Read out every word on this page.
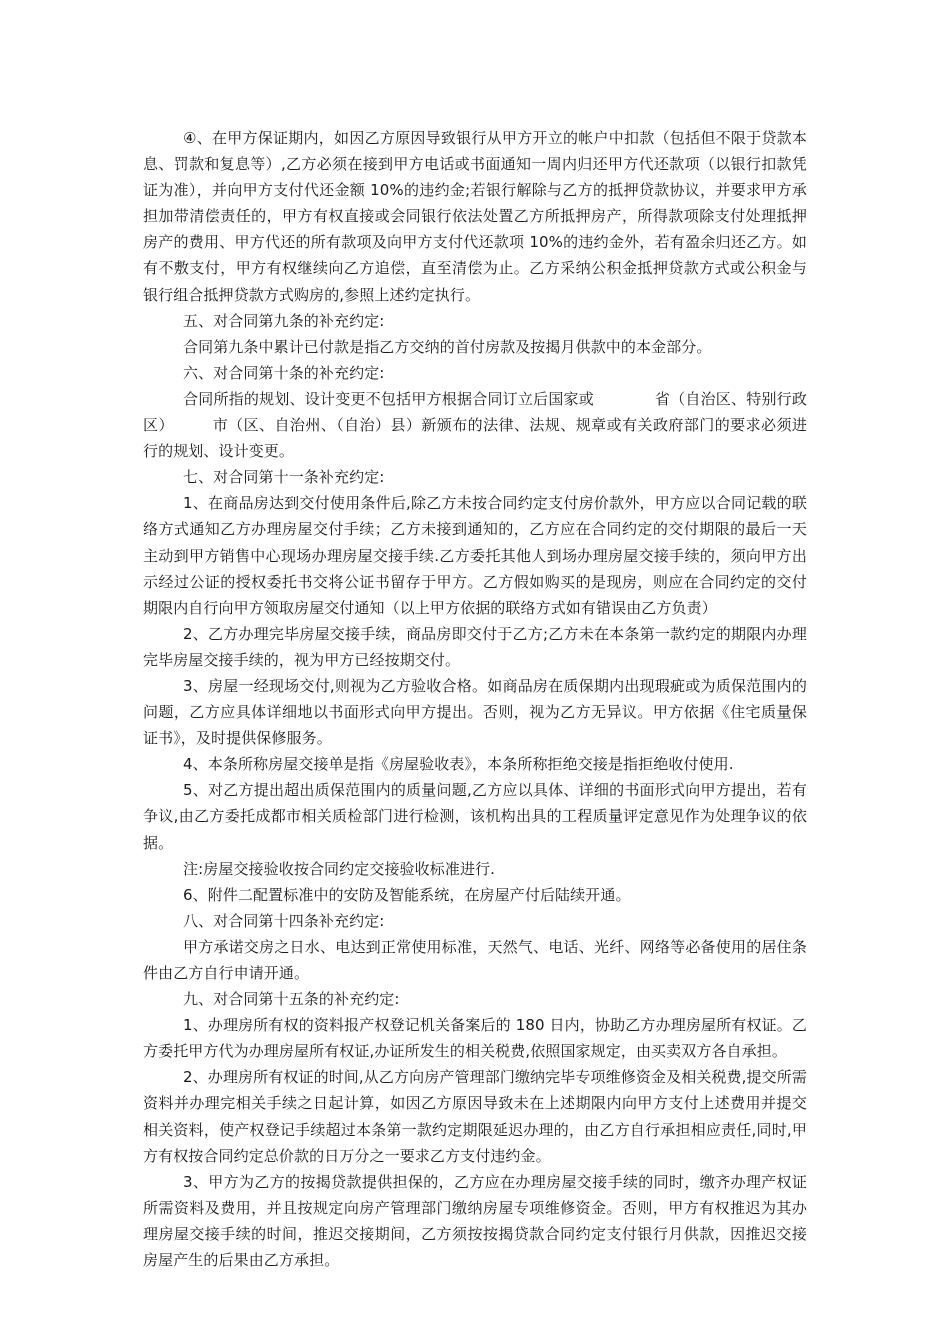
④、在甲方保证期内，如因乙方原因导致银行从甲方开立的帐户中扣款（包括但不限于贷款本息、罚款和复息等）,乙方必须在接到甲方电话或书面通知一周内归还甲方代还款项（以银行扣款凭证为准），并向甲方支付代还金额 10%的违约金;若银行解除与乙方的抵押贷款协议，并要求甲方承担加带清偿责任的，甲方有权直接或会同银行依法处置乙方所抵押房产，所得款项除支付处理抵押房产的费用、甲方代还的所有款项及向甲方支付代还款项 10%的违约金外，若有盈余归还乙方。如有不敷支付，甲方有权继续向乙方追偿，直至清偿为止。乙方采纳公积金抵押贷款方式或公积金与银行组合抵押贷款方式购房的,参照上述约定执行。

五、对合同第九条的补充约定:

合同第九条中累计已付款是指乙方交纳的首付房款及按揭月供款中的本金部分。

六、对合同第十条的补充约定:

合同所指的规划、设计变更不包括甲方根据合同订立后国家或　　　　省（自治区、特别行政区）　　　市（区、自治州、（自治）县）新颁布的法律、法规、规章或有关政府部门的要求必须进行的规划、设计变更。

七、对合同第十一条补充约定:

1、在商品房达到交付使用条件后,除乙方未按合同约定支付房价款外，甲方应以合同记载的联络方式通知乙方办理房屋交付手续；乙方未接到通知的，乙方应在合同约定的交付期限的最后一天主动到甲方销售中心现场办理房屋交接手续.乙方委托其他人到场办理房屋交接手续的，须向甲方出示经过公证的授权委托书交将公证书留存于甲方。乙方假如购买的是现房，则应在合同约定的交付期限内自行向甲方领取房屋交付通知（以上甲方依据的联络方式如有错误由乙方负责）

2、乙方办理完毕房屋交接手续，商品房即交付于乙方;乙方未在本条第一款约定的期限内办理完毕房屋交接手续的，视为甲方已经按期交付。

3、房屋一经现场交付,则视为乙方验收合格。如商品房在质保期内出现瑕疵或为质保范围内的问题，乙方应具体详细地以书面形式向甲方提出。否则，视为乙方无异议。甲方依据《住宅质量保证书》，及时提供保修服务。

4、本条所称房屋交接单是指《房屋验收表》，本条所称拒绝交接是指拒绝收付使用.

5、对乙方提出超出质保范围内的质量问题,乙方应以具体、详细的书面形式向甲方提出，若有争议,由乙方委托成都市相关质检部门进行检测，该机构出具的工程质量评定意见作为处理争议的依据。

注:房屋交接验收按合同约定交接验收标准进行.

6、附件二配置标准中的安防及智能系统，在房屋产付后陆续开通。

八、对合同第十四条补充约定:

甲方承诺交房之日水、电达到正常使用标准，天然气、电话、光纤、网络等必备使用的居住条件由乙方自行申请开通。

九、对合同第十五条的补充约定:

1、办理房所有权的资料报产权登记机关备案后的 180 日内，协助乙方办理房屋所有权证。乙方委托甲方代为办理房屋所有权证,办证所发生的相关税费,依照国家规定，由买卖双方各自承担。

2、办理房所有权证的时间,从乙方向房产管理部门缴纳完毕专项维修资金及相关税费,提交所需资料并办理完相关手续之日起计算，如因乙方原因导致未在上述期限内向甲方支付上述费用并提交相关资料，使产权登记手续超过本条第一款约定期限延迟办理的，由乙方自行承担相应责任,同时,甲方有权按合同约定总价款的日万分之一要求乙方支付违约金。

3、甲方为乙方的按揭贷款提供担保的，乙方应在办理房屋交接手续的同时，缴齐办理产权证所需资料及费用，并且按规定向房产管理部门缴纳房屋专项维修资金。否则，甲方有权推迟为其办理房屋交接手续的时间，推迟交接期间，乙方须按按揭贷款合同约定支付银行月供款，因推迟交接房屋产生的后果由乙方承担。
